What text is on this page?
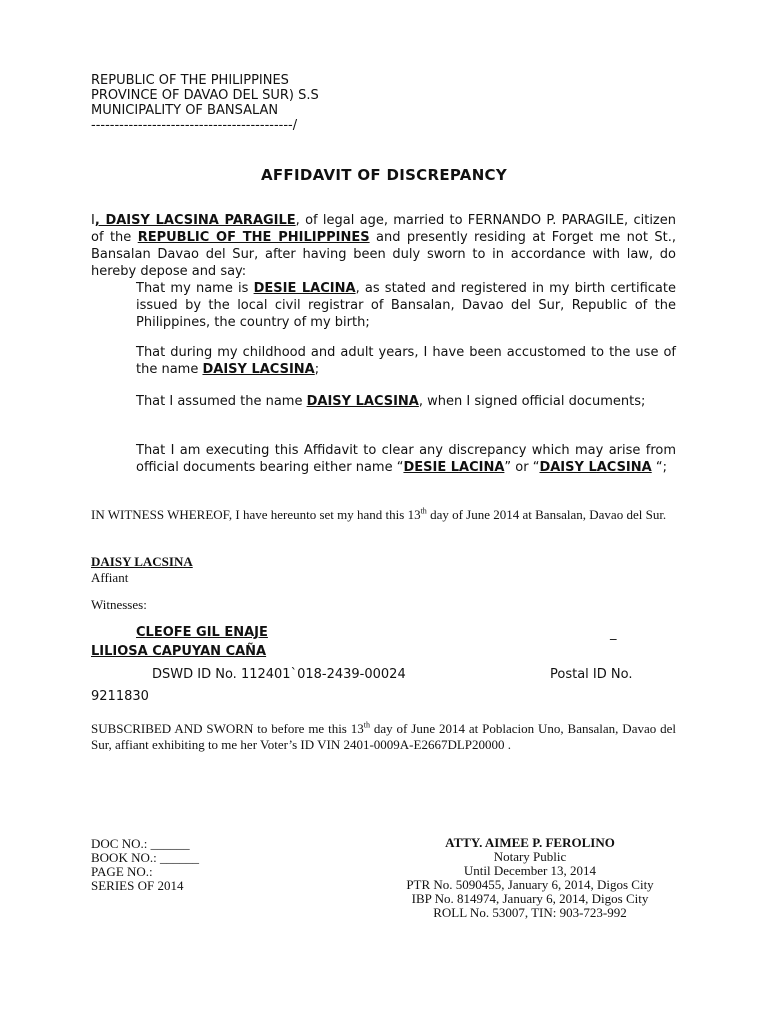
REPUBLIC OF THE PHILIPPINES
PROVINCE OF DAVAO DEL SUR) S.S
MUNICIPALITY OF BANSALAN
-------------------------------------------/
AFFIDAVIT OF DISCREPANCY
I, DAISY LACSINA PARAGILE, of legal age, married to FERNANDO P. PARAGILE, citizen of the REPUBLIC OF THE PHILIPPINES and presently residing at Forget me not St., Bansalan Davao del Sur, after having been duly sworn to in accordance with law, do hereby depose and say:
That my name is DESIE LACINA, as stated and registered in my birth certificate issued by the local civil registrar of Bansalan, Davao del Sur, Republic of the Philippines, the country of my birth;
That during my childhood and adult years, I have been accustomed to the use of the name DAISY LACSINA;
That I assumed the name DAISY LACSINA, when I signed official documents;
That I am executing this Affidavit to clear any discrepancy which may arise from official documents bearing either name “DESIE LACINA” or “DAISY LACSINA “;
IN WITNESS WHEREOF, I have hereunto set my hand this 13th day of June 2014 at Bansalan, Davao del Sur.
DAISY LACSINA
Affiant
Witnesses:
CLEOFE GIL ENAJE	_
LILIOSA CAPUYAN CAÑA
DSWD ID No. 112401`018-2439-00024	Postal ID No.
9211830
SUBSCRIBED AND SWORN to before me this 13th day of June 2014 at Poblacion Uno, Bansalan, Davao del Sur, affiant exhibiting to me her Voter’s ID VIN 2401-0009A-E2667DLP20000 .
DOC NO.: ______
BOOK NO.: ______
PAGE NO.:
SERIES OF 2014
ATTY. AIMEE P. FEROLINO
Notary Public
Until December 13, 2014
PTR No. 5090455, January 6, 2014, Digos City
IBP No. 814974, January 6, 2014, Digos City
ROLL No. 53007, TIN: 903-723-992
